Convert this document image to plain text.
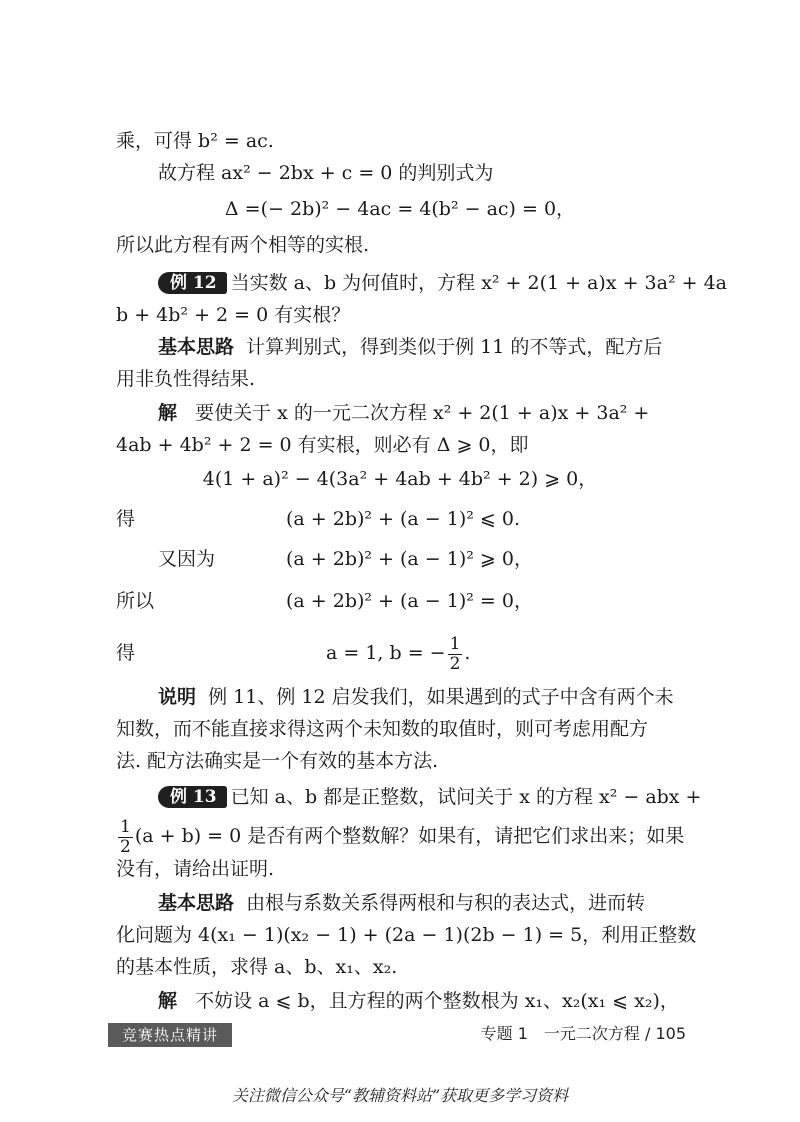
乘，可得 b² = ac.
故方程 ax² − 2bx + c = 0 的判别式为
Δ =(− 2b)² − 4ac = 4(b² − ac) = 0，
所以此方程有两个相等的实根.
例 12 当实数 a、b 为何值时，方程 x² + 2(1 + a)x + 3a² + 4a
b + 4b² + 2 = 0 有实根？
基本思路 计算判别式，得到类似于例 11 的不等式，配方后
用非负性得结果.
解 要使关于 x 的一元二次方程 x² + 2(1 + a)x + 3a² +
4ab + 4b² + 2 = 0 有实根，则必有 Δ ⩾ 0，即
4(1 + a)² − 4(3a² + 4ab + 4b² + 2) ⩾ 0，
得	(a + 2b)² + (a − 1)² ⩽ 0.
又因为	(a + 2b)² + (a − 1)² ⩾ 0，
所以	(a + 2b)² + (a − 1)² = 0，
得	a = 1, b = − $\frac{1}{2}$ .
说明 例 11、例 12 启发我们，如果遇到的式子中含有两个未
知数，而不能直接求得这两个未知数的取值时，则可考虑用配方
法. 配方法确实是一个有效的基本方法.
例 13 已知 a、b 都是正整数，试问关于 x 的方程 x² − abx +
$\frac{1}{2} (a + b) = 0$ 是否有两个整数解？如果有，请把它们求出来；如果
没有，请给出证明.
基本思路 由根与系数关系得两根和与积的表达式，进而转
化问题为 4(x₁ − 1)(x₂ − 1) + (2a − 1)(2b − 1) = 5，利用正整数
的基本性质，求得 a、b、x₁、x₂.
解 不妨设 a ⩽ b，且方程的两个整数根为 x₁、x₂(x₁ ⩽ x₂)，
竞赛热点精讲	专题 1　一元二次方程 / 105
关注微信公众号“教辅资料站”获取更多学习资料
